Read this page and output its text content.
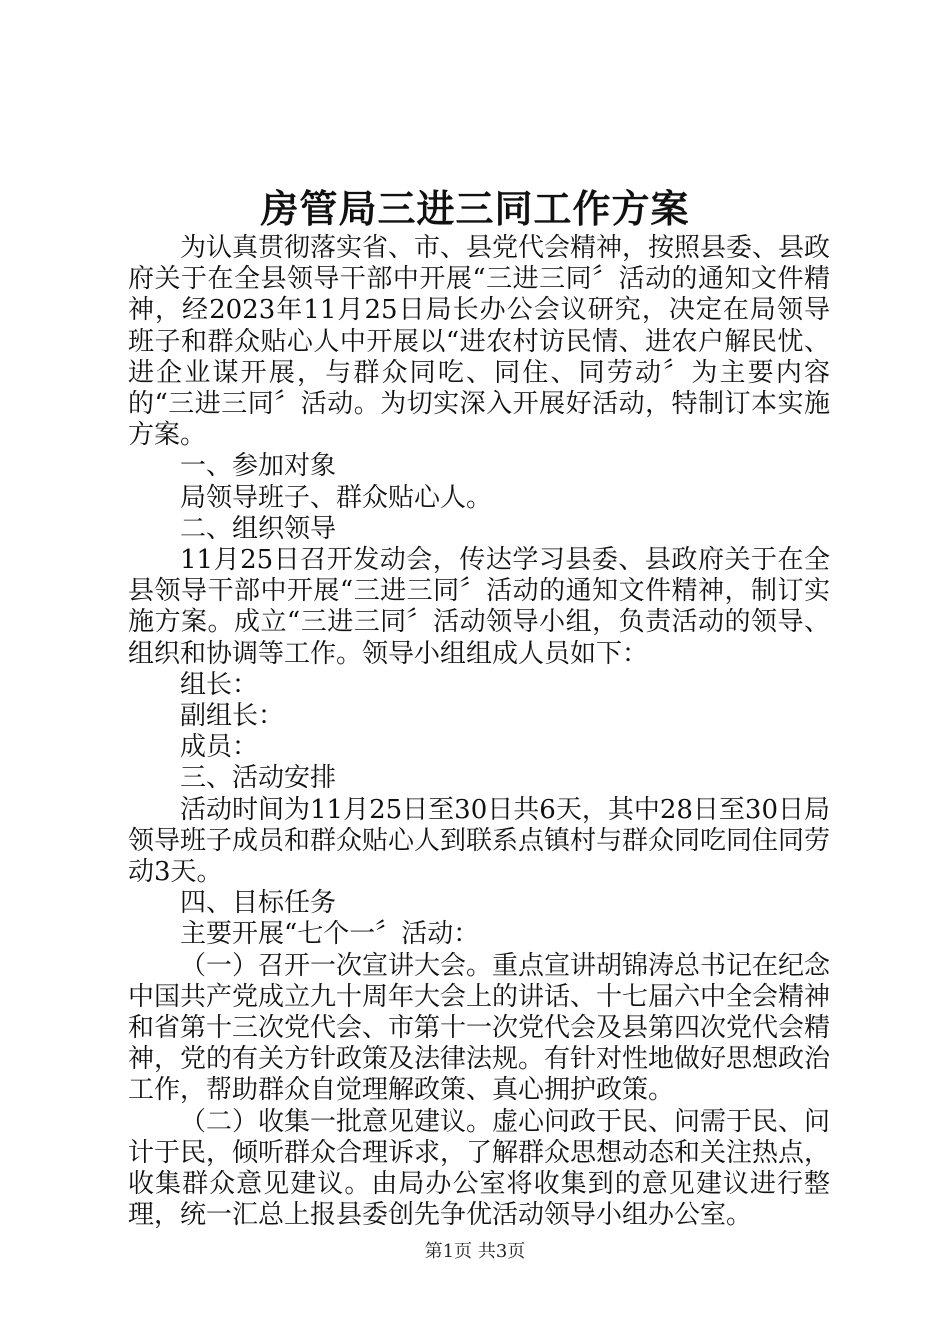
房管局三进三同工作方案

为认真贯彻落实省、市、县党代会精神，按照县委、县政府关于在全县领导干部中开展“三进三同〞活动的通知文件精神，经2023年11月25日局长办公会议研究，决定在局领导班子和群众贴心人中开展以“进农村访民情、进农户解民忧、进企业谋开展，与群众同吃、同住、同劳动〞为主要内容的“三进三同〞活动。为切实深入开展好活动，特制订本实施方案。

一、参加对象

局领导班子、群众贴心人。

二、组织领导

11月25日召开发动会，传达学习县委、县政府关于在全县领导干部中开展“三进三同〞活动的通知文件精神，制订实施方案。成立“三进三同〞活动领导小组，负责活动的领导、组织和协调等工作。领导小组组成人员如下：

组长：

副组长：

成员：

三、活动安排

活动时间为11月25日至30日共6天，其中28日至30日局领导班子成员和群众贴心人到联系点镇村与群众同吃同住同劳动3天。

四、目标任务

主要开展“七个一〞活动：

（一）召开一次宣讲大会。重点宣讲胡锦涛总书记在纪念中国共产党成立九十周年大会上的讲话、十七届六中全会精神和省第十三次党代会、市第十一次党代会及县第四次党代会精神，党的有关方针政策及法律法规。有针对性地做好思想政治工作，帮助群众自觉理解政策、真心拥护政策。

（二）收集一批意见建议。虚心问政于民、问需于民、问计于民，倾听群众合理诉求，了解群众思想动态和关注热点，收集群众意见建议。由局办公室将收集到的意见建议进行整理，统一汇总上报县委创先争优活动领导小组办公室。

第1页 共3页
